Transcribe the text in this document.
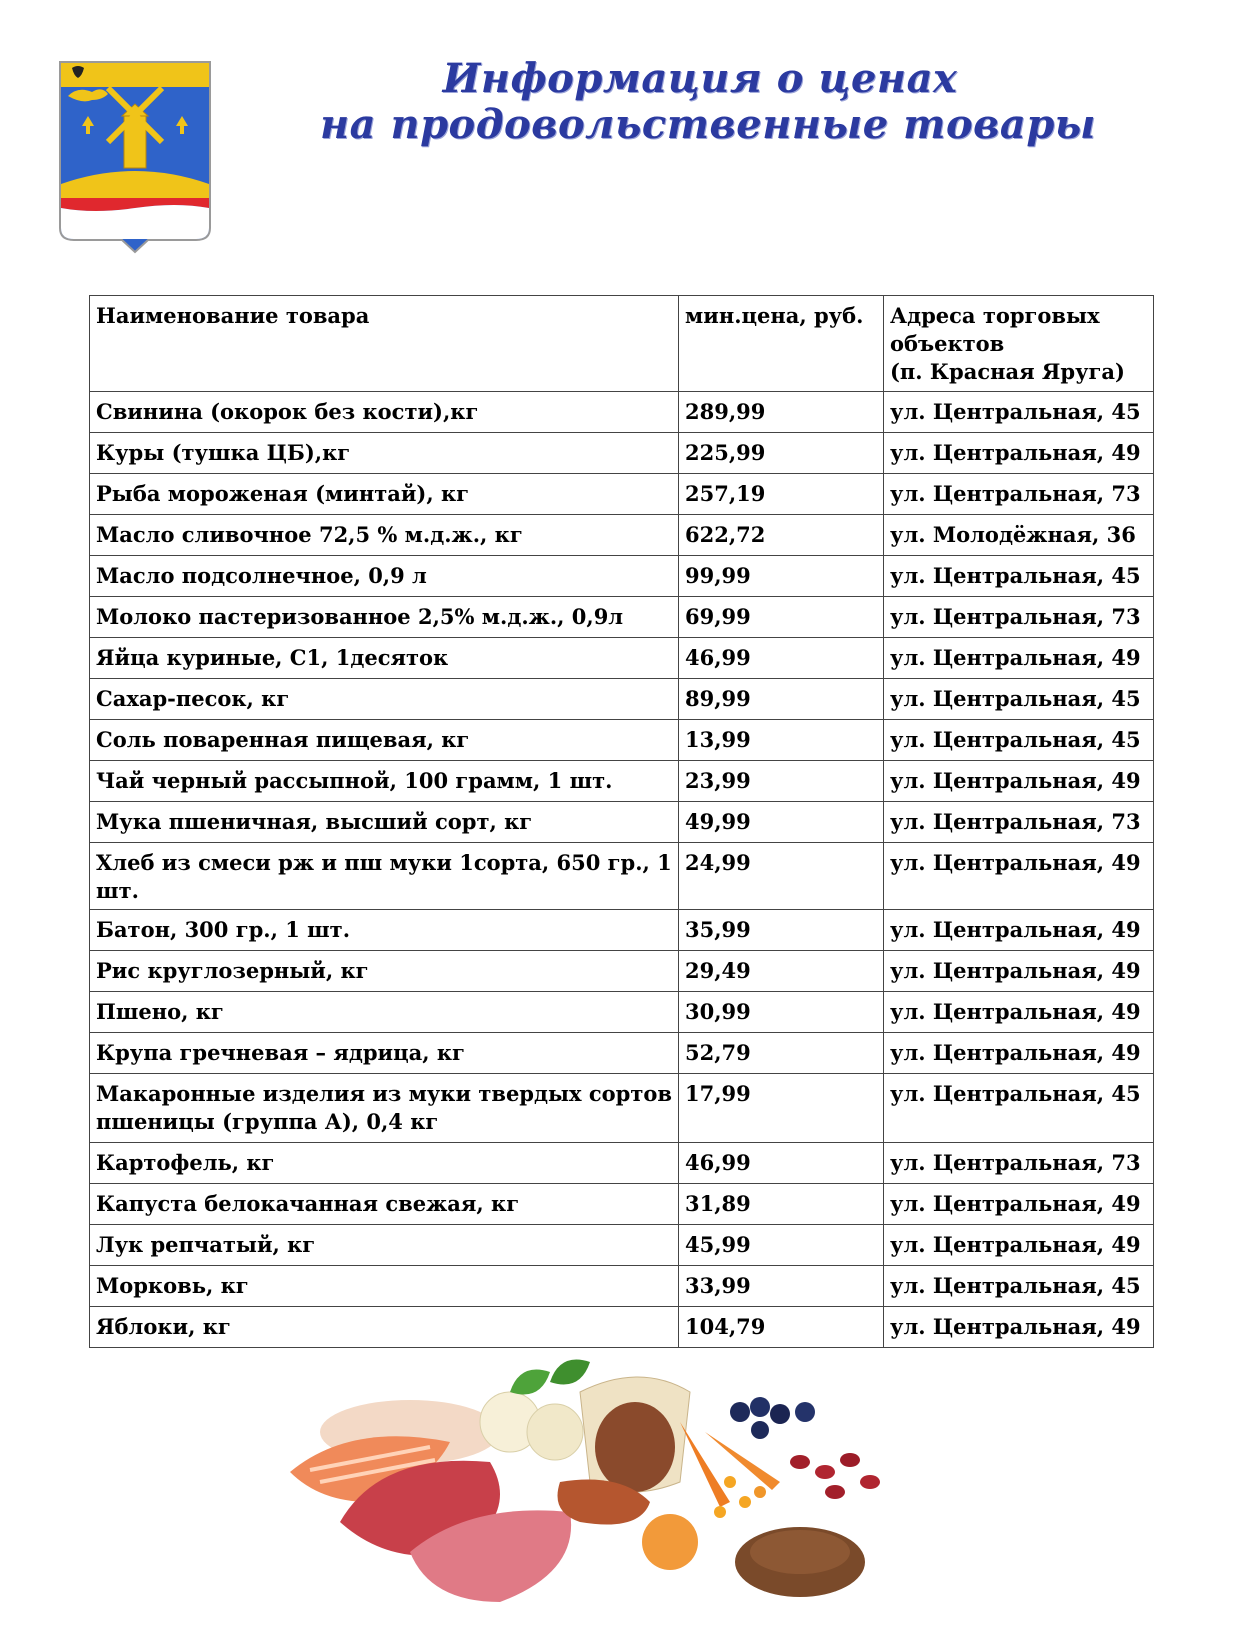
Информация о ценах
на продовольственные товары
Наименование товара	мин.цена, руб.	Адреса торговых
объектов
(п. Красная Яруга)

Свинина (окорок без кости),кг	289,99	ул. Центральная, 45
Куры (тушка ЦБ),кг	225,99	ул. Центральная, 49
Рыба мороженая (минтай), кг	257,19	ул. Центральная, 73
Масло сливочное 72,5 % м.д.ж., кг	622,72	ул. Молодёжная, 36
Масло подсолнечное, 0,9 л	99,99	ул. Центральная, 45
Молоко пастеризованное 2,5% м.д.ж., 0,9л	69,99	ул. Центральная, 73
Яйца куриные, С1, 1десяток	46,99	ул. Центральная, 49
Сахар-песок, кг	89,99	ул. Центральная, 45
Соль поваренная пищевая, кг	13,99	ул. Центральная, 45
Чай черный рассыпной, 100 грамм, 1 шт.	23,99	ул. Центральная, 49
Мука пшеничная, высший сорт, кг	49,99	ул. Центральная, 73
Хлеб из смеси рж и пш муки 1сорта, 650 гр., 1 шт.	24,99	ул. Центральная, 49
Батон, 300 гр., 1 шт.	35,99	ул. Центральная, 49
Рис круглозерный, кг	29,49	ул. Центральная, 49
Пшено, кг	30,99	ул. Центральная, 49
Крупа гречневая – ядрица, кг	52,79	ул. Центральная, 49
Макаронные изделия из муки твердых сортов пшеницы (группа А), 0,4 кг	17,99	ул. Центральная, 45
Картофель, кг	46,99	ул. Центральная, 73
Капуста белокачанная свежая, кг	31,89	ул. Центральная, 49
Лук репчатый, кг	45,99	ул. Центральная, 49
Морковь, кг	33,99	ул. Центральная, 45
Яблоки, кг	104,79	ул. Центральная, 49
